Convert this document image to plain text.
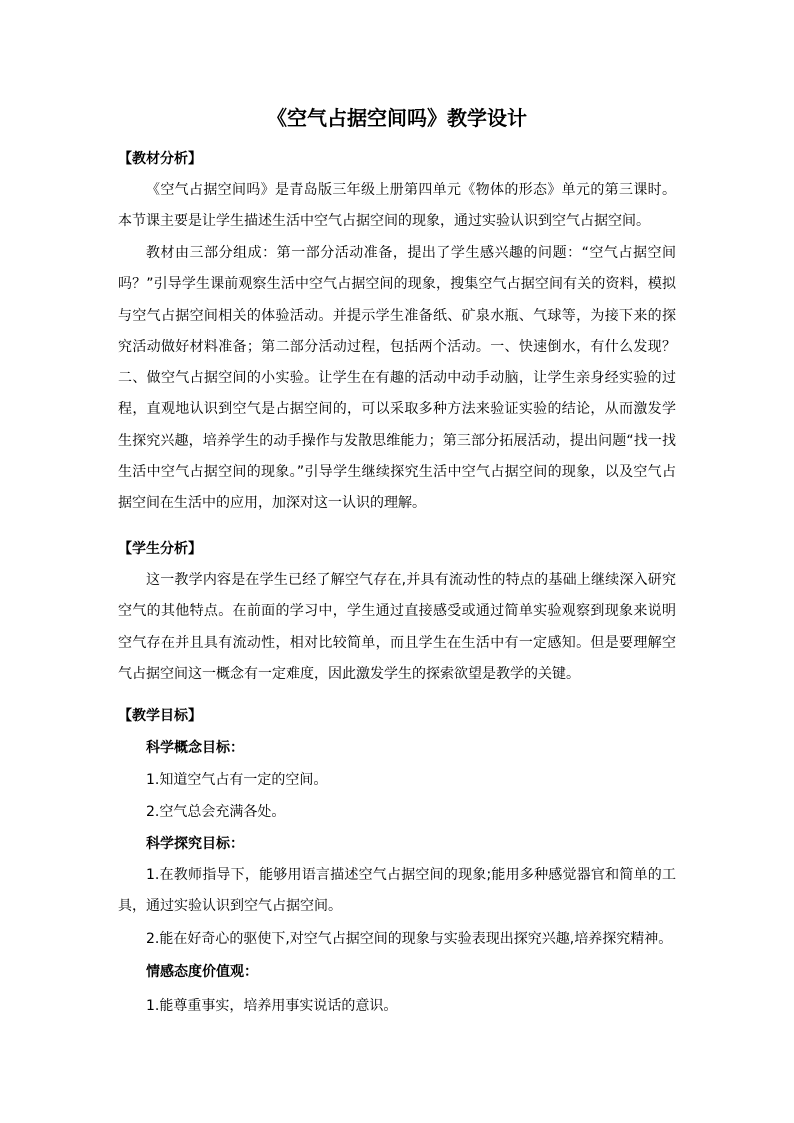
《空气占据空间吗》教学设计
【教材分析】
《空气占据空间吗》是青岛版三年级上册第四单元《物体的形态》单元的第三课时。本节课主要是让学生描述生活中空气占据空间的现象，通过实验认识到空气占据空间。
教材由三部分组成：第一部分活动准备，提出了学生感兴趣的问题：“空气占据空间吗？”引导学生课前观察生活中空气占据空间的现象，搜集空气占据空间有关的资料，模拟与空气占据空间相关的体验活动。并提示学生准备纸、矿泉水瓶、气球等，为接下来的探究活动做好材料准备；第二部分活动过程，包括两个活动。一、快速倒水，有什么发现？二、做空气占据空间的小实验。让学生在有趣的活动中动手动脑，让学生亲身经实验的过程，直观地认识到空气是占据空间的，可以采取多种方法来验证实验的结论，从而激发学生探究兴趣，培养学生的动手操作与发散思维能力；第三部分拓展活动，提出问题“找一找生活中空气占据空间的现象。”引导学生继续探究生活中空气占据空间的现象，以及空气占据空间在生活中的应用，加深对这一认识的理解。
【学生分析】
这一教学内容是在学生已经了解空气存在,并具有流动性的特点的基础上继续深入研究空气的其他特点。在前面的学习中，学生通过直接感受或通过简单实验观察到现象来说明空气存在并且具有流动性，相对比较简单，而且学生在生活中有一定感知。但是要理解空气占据空间这一概念有一定难度，因此激发学生的探索欲望是教学的关键。
【教学目标】
科学概念目标：
1.知道空气占有一定的空间。
2.空气总会充满各处。
科学探究目标：
1.在教师指导下，能够用语言描述空气占据空间的现象;能用多种感觉器官和简单的工具，通过实验认识到空气占据空间。
2.能在好奇心的驱使下,对空气占据空间的现象与实验表现出探究兴趣,培养探究精神。
情感态度价值观：
1.能尊重事实，培养用事实说话的意识。
